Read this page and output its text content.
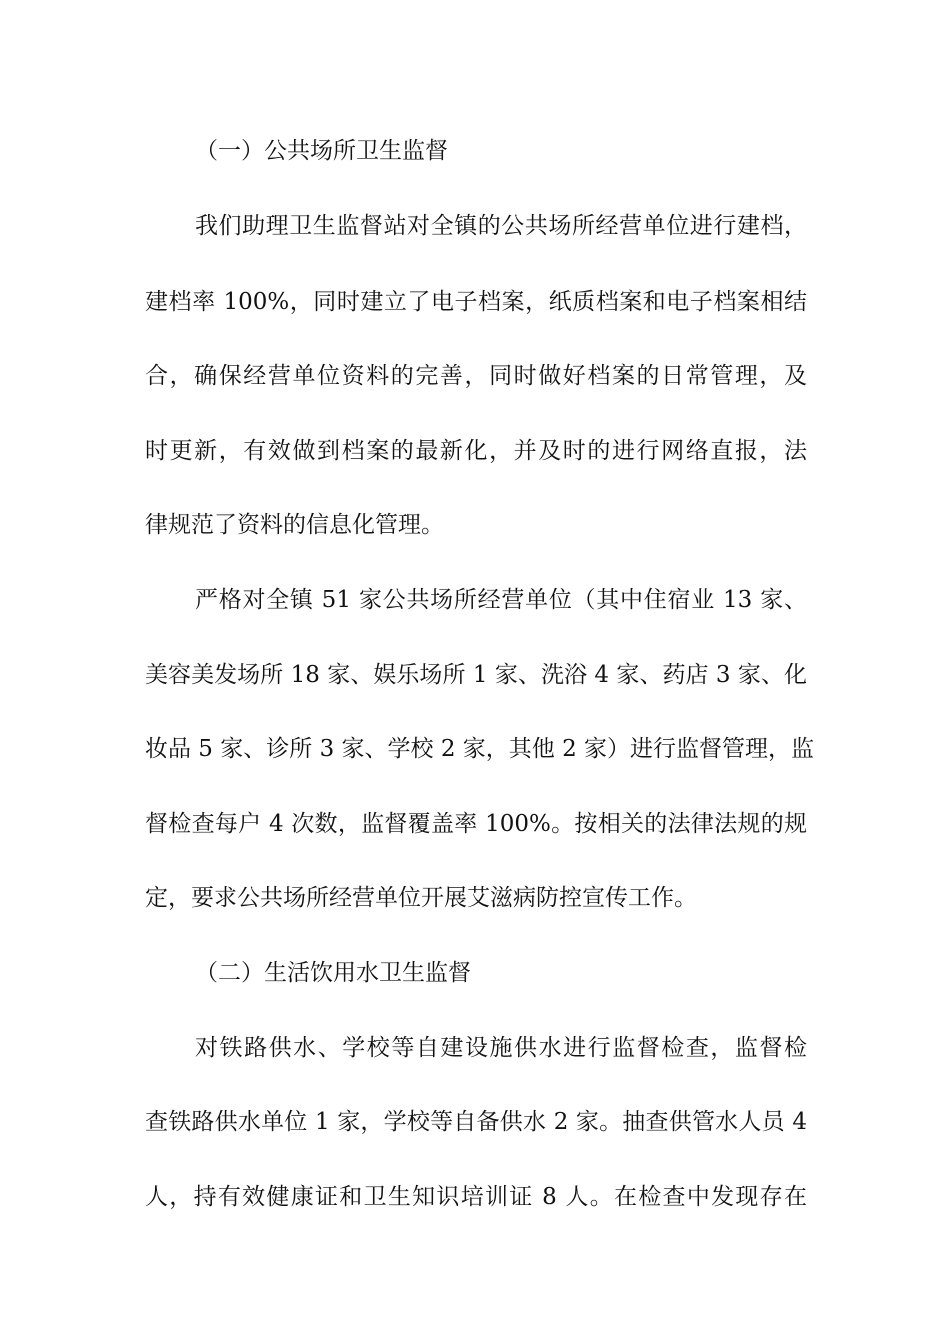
（一）公共场所卫生监督
我们助理卫生监督站对全镇的公共场所经营单位进行建档，
建档率 100%，同时建立了电子档案，纸质档案和电子档案相结
合，确保经营单位资料的完善，同时做好档案的日常管理，及
时更新，有效做到档案的最新化，并及时的进行网络直报，法
律规范了资料的信息化管理。
严格对全镇 51 家公共场所经营单位（其中住宿业 13 家、
美容美发场所 18 家、娱乐场所 1 家、洗浴 4 家、药店 3 家、化
妆品 5 家、诊所 3 家、学校 2 家，其他 2 家）进行监督管理，监
督检查每户 4 次数，监督覆盖率 100%。按相关的法律法规的规
定，要求公共场所经营单位开展艾滋病防控宣传工作。
（二）生活饮用水卫生监督
对铁路供水、学校等自建设施供水进行监督检查，监督检
查铁路供水单位 1 家，学校等自备供水 2 家。抽查供管水人员 4
人，持有效健康证和卫生知识培训证 8 人。在检查中发现存在
